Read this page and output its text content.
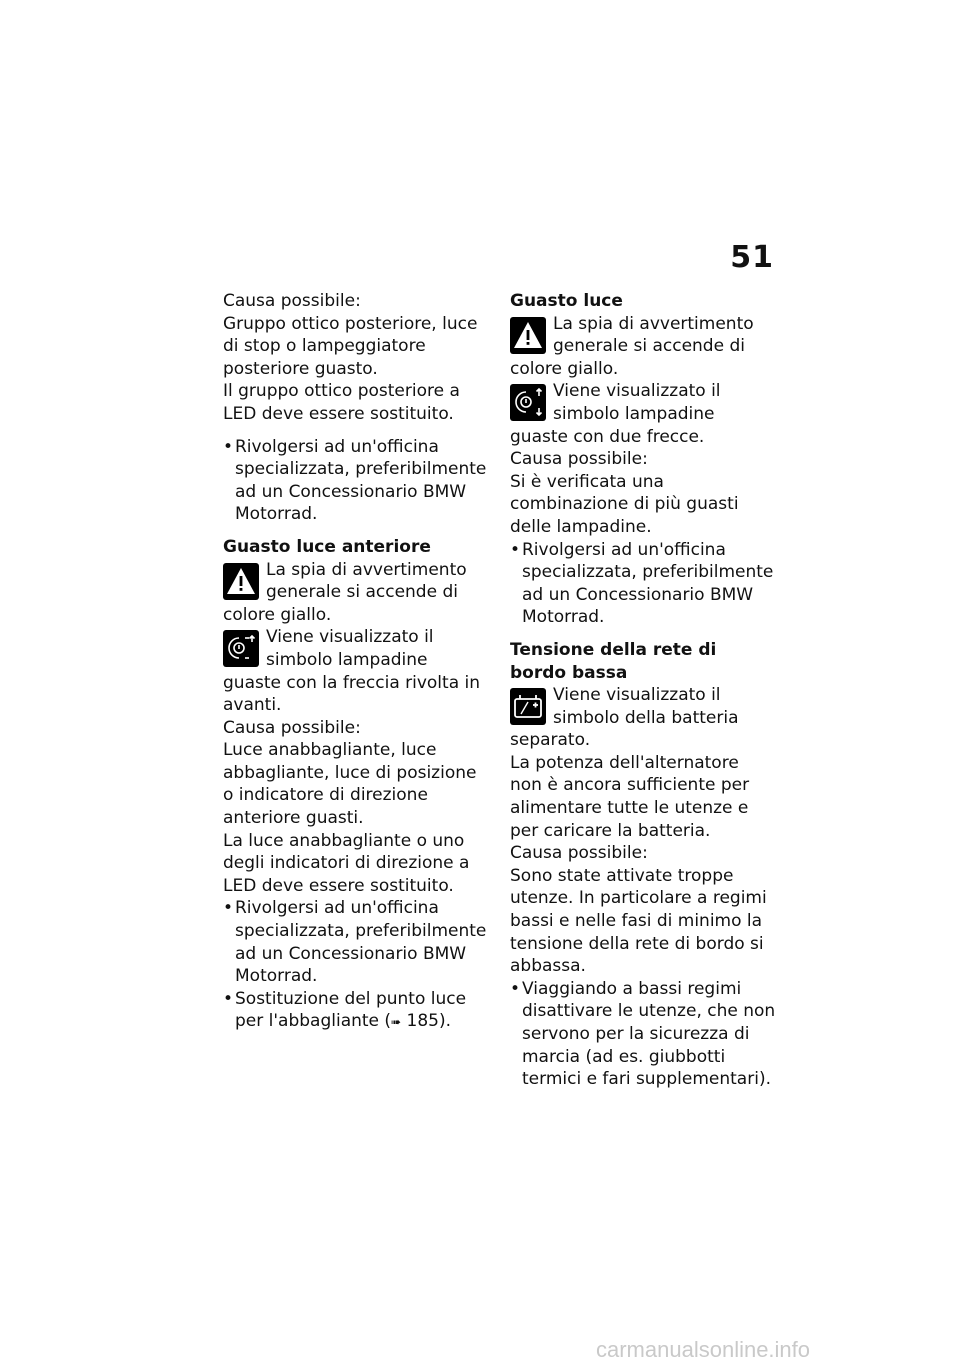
51

Causa possibile:

Gruppo ottico posteriore, luce di stop o lampeggiatore posteriore guasto.

Il gruppo ottico posteriore a LED deve essere sostituito.

• Rivolgersi ad un'officina specializzata, preferibilmente ad un Concessionario BMW Motorrad.

Guasto luce anteriore

La spia di avvertimento generale si accende di colore giallo.

Viene visualizzato il simbolo lampadine guaste con la freccia rivolta in avanti.

Causa possibile:

Luce anabbagliante, luce abbagliante, luce di posizione o indicatore di direzione anteriore guasti.

La luce anabbagliante o uno degli indicatori di direzione a LED deve essere sostituito.

• Rivolgersi ad un'officina specializzata, preferibilmente ad un Concessionario BMW Motorrad.
• Sostituzione del punto luce per l'abbagliante (➠ 185).

Guasto luce

La spia di avvertimento generale si accende di colore giallo.

Viene visualizzato il simbolo lampadine guaste con due frecce.

Causa possibile:

Si è verificata una combinazione di più guasti delle lampadine.

• Rivolgersi ad un'officina specializzata, preferibilmente ad un Concessionario BMW Motorrad.

Tensione della rete di bordo bassa

Viene visualizzato il simbolo della batteria separato.

La potenza dell'alternatore non è ancora sufficiente per alimentare tutte le utenze e per caricare la batteria.

Causa possibile:

Sono state attivate troppe utenze. In particolare a regimi bassi e nelle fasi di minimo la tensione della rete di bordo si abbassa.

• Viaggiando a bassi regimi disattivare le utenze, che non servono per la sicurezza di marcia (ad es. giubbotti termici e fari supplementari).
carmanualsonline.info
